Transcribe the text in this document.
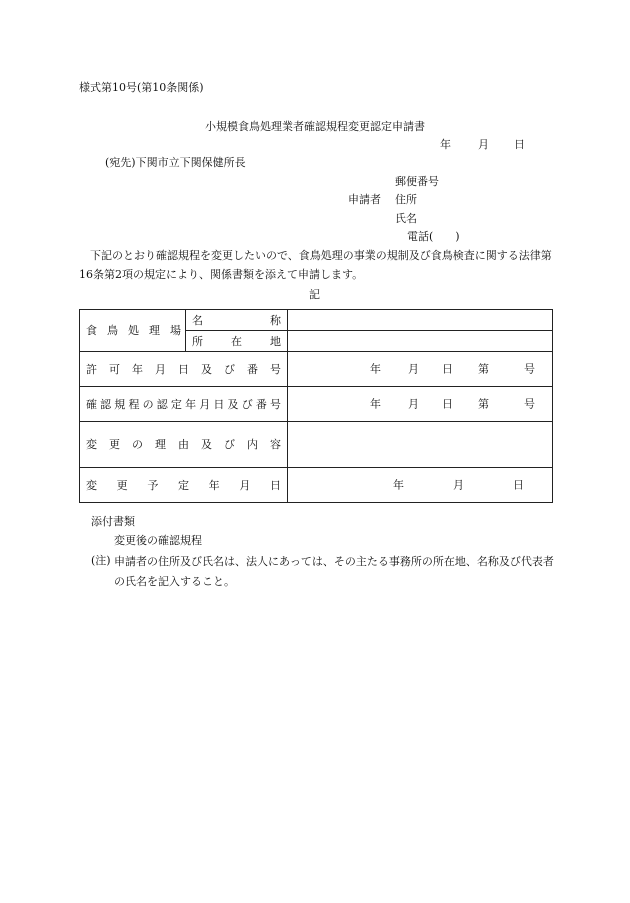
様式第10号(第10条関係)
小規模食鳥処理業者確認規程変更認定申請書
年 月 日
(宛先)下関市立下関保健所長
郵便番号
申請者 住所
氏名
電話(　　)
下記のとおり確認規程を変更したいので、食鳥処理の事業の規制及び食鳥検査に関する法律第16条第2項の規定により、関係書類を添えて申請します。
記
食鳥処理場	名称	
	所在地	
許可年月日及び番号		年 月 日 第 号

確認規程の認定年月日及び番号		年 月 日 第 号

変更の理由及び内容		
変更予定年月日		年 月 日
添付書類
変更後の確認規程
(注) 申請者の住所及び氏名は、法人にあっては、その主たる事務所の所在地、名称及び代表者の氏名を記入すること。
